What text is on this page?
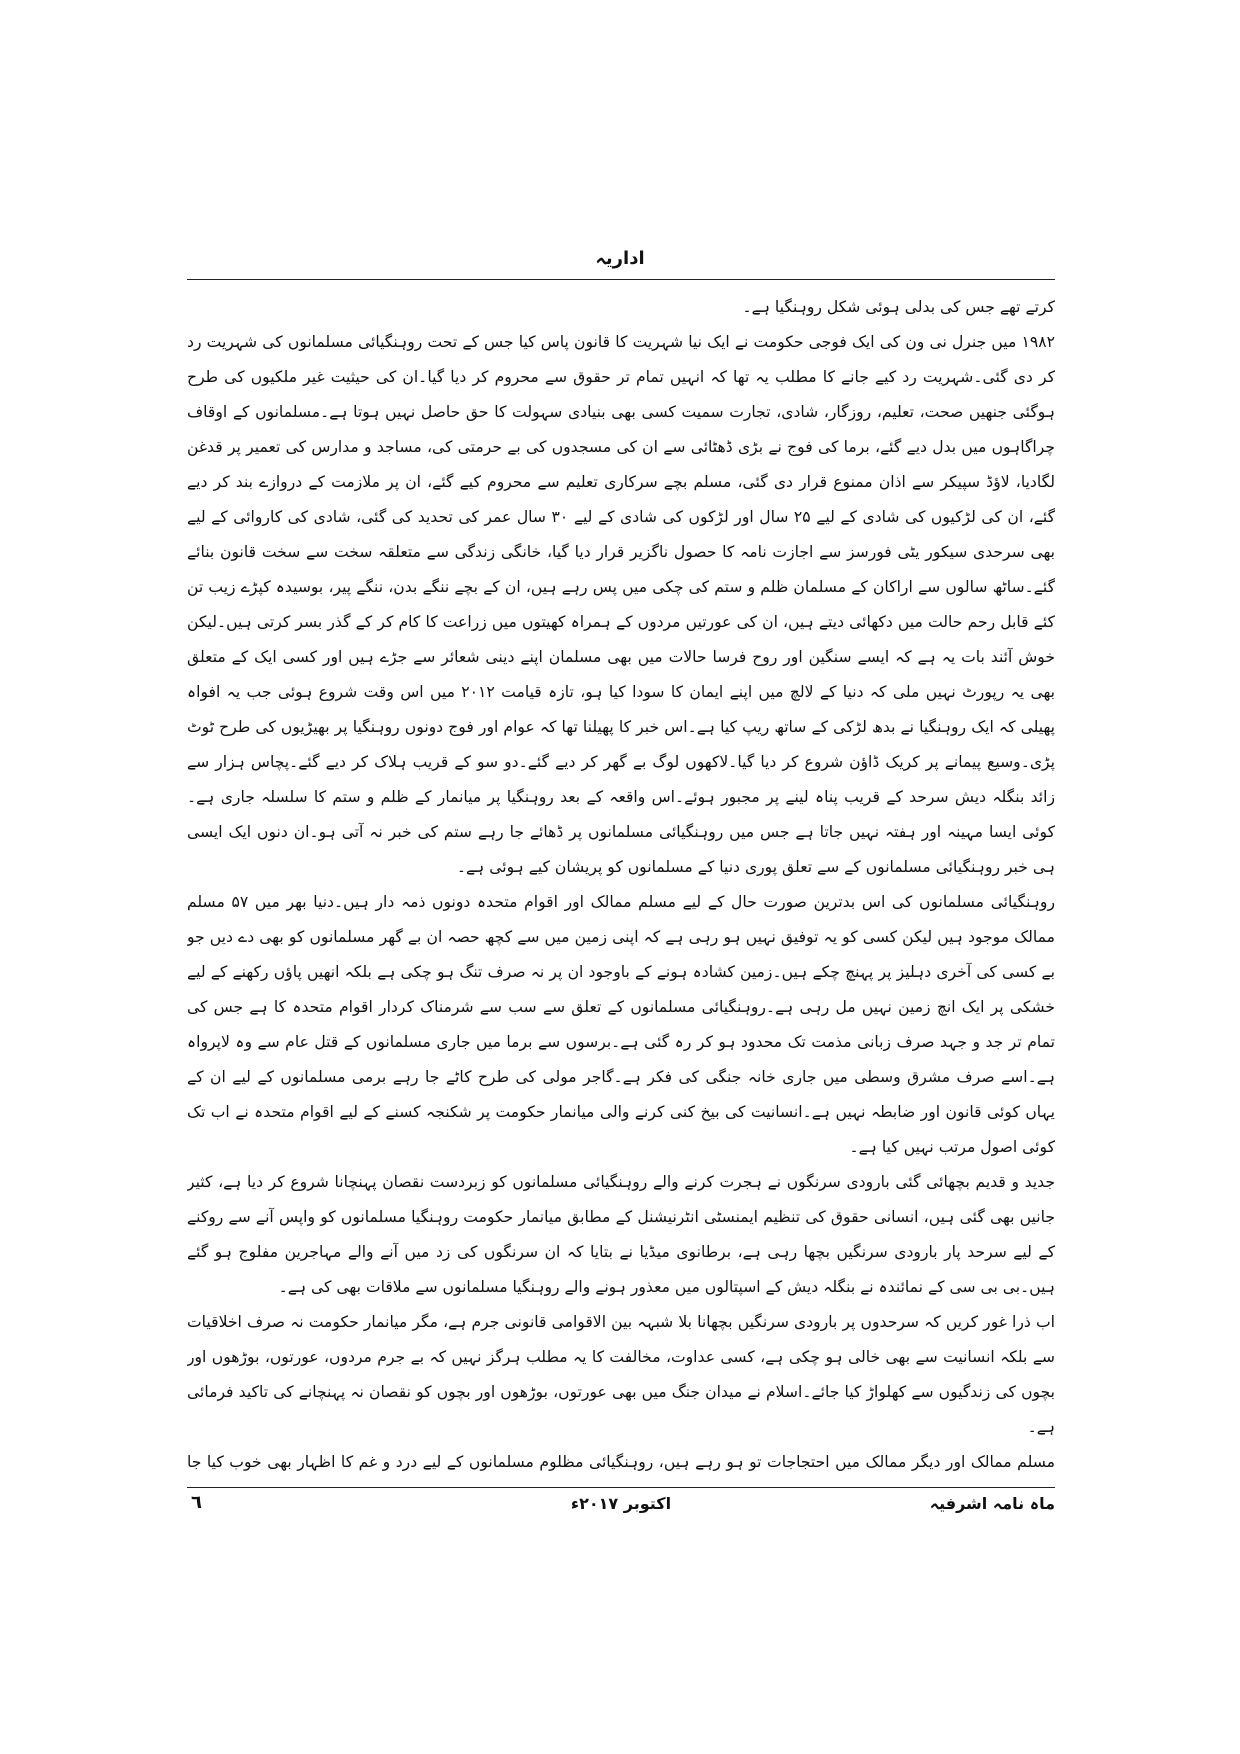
اداریہ

کرتے تھے جس کی بدلی ہوئی شکل روہنگیا ہے۔

۱۹۸۲ میں جنرل نی ون کی ایک فوجی حکومت نے ایک نیا شہریت کا قانون پاس کیا جس کے تحت روہنگیائی مسلمانوں کی شہریت رد کر دی گئی۔شہریت رد کیے جانے کا مطلب یہ تھا کہ انہیں تمام تر حقوق سے محروم کر دیا گیا۔ان کی حیثیت غیر ملکیوں کی طرح ہوگئی جنھیں صحت، تعلیم، روزگار، شادی، تجارت سمیت کسی بھی بنیادی سہولت کا حق حاصل نہیں ہوتا ہے۔مسلمانوں کے اوقاف چراگاہوں میں بدل دیے گئے، برما کی فوج نے بڑی ڈھٹائی سے ان کی مسجدوں کی بے حرمتی کی، مساجد و مدارس کی تعمیر پر قدغن لگادیا، لاؤڈ سپیکر سے اذان ممنوع قرار دی گئی، مسلم بچے سرکاری تعلیم سے محروم کیے گئے، ان پر ملازمت کے دروازے بند کر دیے گئے، ان کی لڑکیوں کی شادی کے لیے ۲۵ سال اور لڑکوں کی شادی کے لیے ۳۰ سال عمر کی تحدید کی گئی، شادی کی کاروائی کے لیے بھی سرحدی سیکور یٹی فورسز سے اجازت نامہ کا حصول ناگزیر قرار دیا گیا، خانگی زندگی سے متعلقہ سخت سے سخت قانون بنائے گئے۔ساٹھ سالوں سے اراکان کے مسلمان ظلم و ستم کی چکی میں پس رہے ہیں، ان کے بچے ننگے بدن، ننگے پیر، بوسیدہ کپڑے زیب تن کئے قابل رحم حالت میں دکھائی دیتے ہیں، ان کی عورتیں مردوں کے ہمراہ کھیتوں میں زراعت کا کام کر کے گذر بسر کرتی ہیں۔لیکن خوش آئند بات یہ ہے کہ ایسے سنگین اور روح فرسا حالات میں بھی مسلمان اپنے دینی شعائر سے جڑے ہیں اور کسی ایک کے متعلق بھی یہ رپورٹ نہیں ملی کہ دنیا کے لالچ میں اپنے ایمان کا سودا کیا ہو، تازہ قیامت ۲۰۱۲ میں اس وقت شروع ہوئی جب یہ افواہ پھیلی کہ ایک روہنگیا نے بدھ لڑکی کے ساتھ ریپ کیا ہے۔اس خبر کا پھیلنا تھا کہ عوام اور فوج دونوں روہنگیا پر بھیڑیوں کی طرح ٹوٹ پڑی۔وسیع پیمانے پر کریک ڈاؤن شروع کر دیا گیا۔لاکھوں لوگ بے گھر کر دیے گئے۔دو سو کے قریب ہلاک کر دیے گئے۔پچاس ہزار سے زائد بنگلہ دیش سرحد کے قریب پناہ لینے پر مجبور ہوئے۔اس واقعہ کے بعد روہنگیا پر میانمار کے ظلم و ستم کا سلسلہ جاری ہے۔کوئی ایسا مہینہ اور ہفتہ نہیں جاتا ہے جس میں روہنگیائی مسلمانوں پر ڈھائے جا رہے ستم کی خبر نہ آتی ہو۔ان دنوں ایک ایسی ہی خبر روہنگیائی مسلمانوں کے سے تعلق پوری دنیا کے مسلمانوں کو پریشان کیے ہوئی ہے۔

روہنگیائی مسلمانوں کی اس بدترین صورت حال کے لیے مسلم ممالک اور اقوام متحدہ دونوں ذمہ دار ہیں۔دنیا بھر میں ۵۷ مسلم ممالک موجود ہیں لیکن کسی کو یہ توفیق نہیں ہو رہی ہے کہ اپنی زمین میں سے کچھ حصہ ان بے گھر مسلمانوں کو بھی دے دیں جو بے کسی کی آخری دہلیز پر پہنچ چکے ہیں۔زمین کشادہ ہونے کے باوجود ان پر نہ صرف تنگ ہو چکی ہے بلکہ انھیں پاؤں رکھنے کے لیے خشکی پر ایک انچ زمین نہیں مل رہی ہے۔روہنگیائی مسلمانوں کے تعلق سے سب سے شرمناک کردار اقوام متحدہ کا ہے جس کی تمام تر جد و جہد صرف زبانی مذمت تک محدود ہو کر رہ گئی ہے۔برسوں سے برما میں جاری مسلمانوں کے قتل عام سے وہ لاپرواہ ہے۔اسے صرف مشرق وسطی میں جاری خانہ جنگی کی فکر ہے۔گاجر مولی کی طرح کاٹے جا رہے برمی مسلمانوں کے لیے ان کے یہاں کوئی قانون اور ضابطہ نہیں ہے۔انسانیت کی بیخ کنی کرنے والی میانمار حکومت پر شکنجہ کسنے کے لیے اقوام متحدہ نے اب تک کوئی اصول مرتب نہیں کیا ہے۔

جدید و قدیم بچھائی گئی بارودی سرنگوں نے ہجرت کرنے والے روہنگیائی مسلمانوں کو زبردست نقصان پہنچانا شروع کر دیا ہے، کثیر جانیں بھی گئی ہیں، انسانی حقوق کی تنظیم ایمنسٹی انٹرنیشنل کے مطابق میانمار حکومت روہنگیا مسلمانوں کو واپس آنے سے روکنے کے لیے سرحد پار بارودی سرنگیں بچھا رہی ہے، برطانوی میڈیا نے بتایا کہ ان سرنگوں کی زد میں آنے والے مہاجرین مفلوج ہو گئے ہیں۔بی بی سی کے نمائندہ نے بنگلہ دیش کے اسپتالوں میں معذور ہونے والے روہنگیا مسلمانوں سے ملاقات بھی کی ہے۔

اب ذرا غور کریں کہ سرحدوں پر بارودی سرنگیں بچھانا بلا شبہہ بین الاقوامی قانونی جرم ہے، مگر میانمار حکومت نہ صرف اخلاقیات سے بلکہ انسانیت سے بھی خالی ہو چکی ہے، کسی عداوت، مخالفت کا یہ مطلب ہرگز نہیں کہ بے جرم مردوں، عورتوں، بوڑھوں اور بچوں کی زندگیوں سے کھلواڑ کیا جائے۔اسلام نے میدان جنگ میں بھی عورتوں، بوڑھوں اور بچوں کو نقصان نہ پہنچانے کی تاکید فرمائی ہے۔

مسلم ممالک اور دیگر ممالک میں احتجاجات تو ہو رہے ہیں، روہنگیائی مظلوم مسلمانوں کے لیے درد و غم کا اظہار بھی خوب کیا جا

ماہ نامہ اشرفیہ
اکتوبر ۲۰۱۷ء
٦
